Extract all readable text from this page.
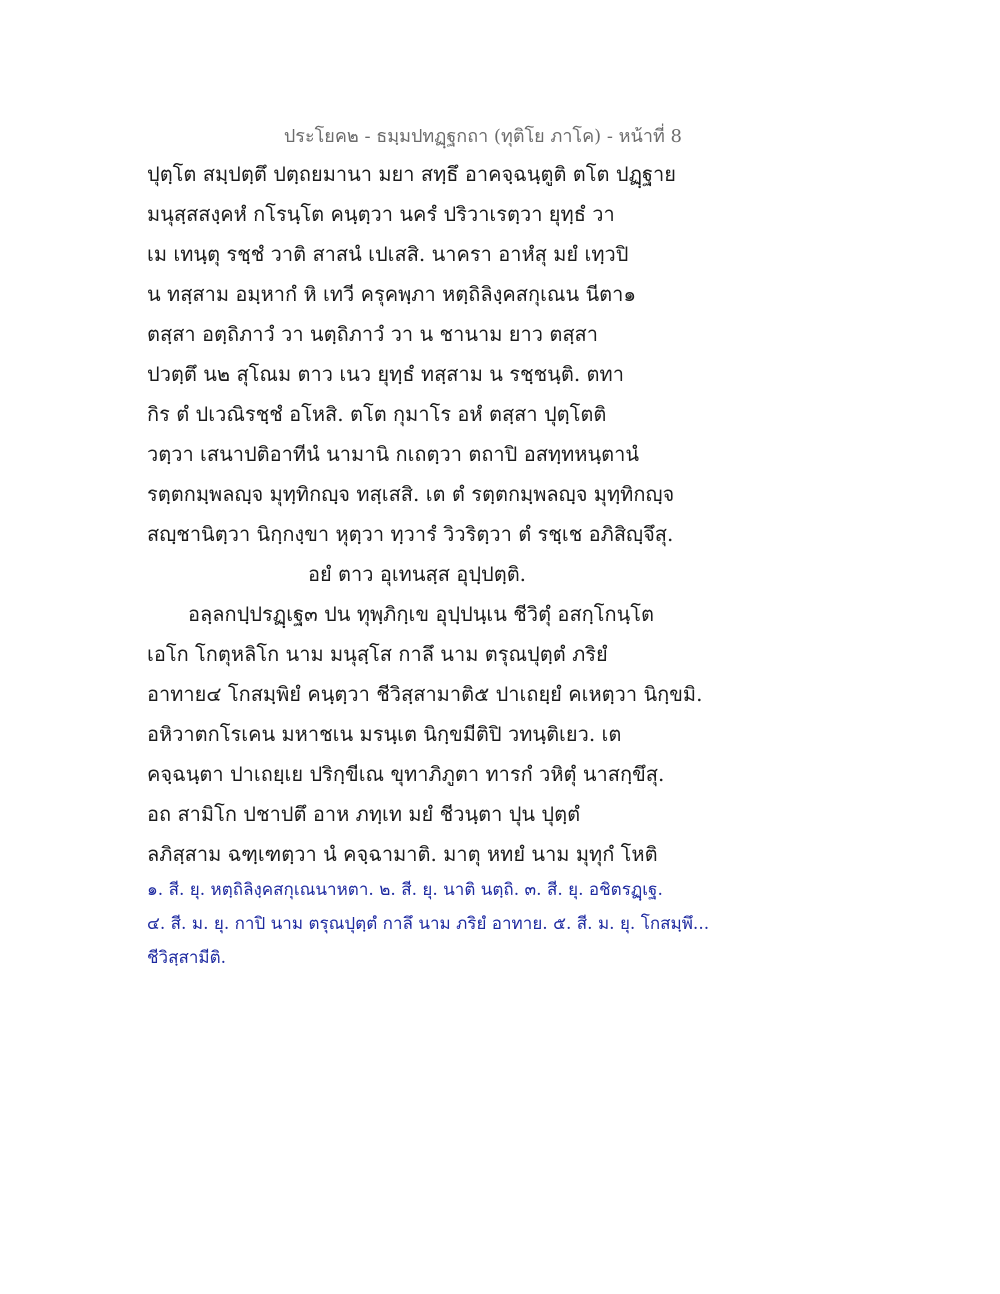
ประโยค๒ - ธมฺมปทฏฺฐกถา (ทุติโย ภาโค) - หน้าที่ 8
ปุตฺโต สมฺปตฺตึ ปตฺถยมานา มยา สทฺธึ อาคจฺฉนฺตูติ ตโต ปฏฺฐาย
มนุสฺสสงฺคหํ กโรนฺโต คนฺตฺวา นครํ ปริวาเรตฺวา ยุทฺธํ วา
เม เทนฺตุ รชฺชํ วาติ สาสนํ เปเสสิ. นาครา อาหํสุ มยํ เทฺวปิ
น ทสฺสาม อมฺหากํ หิ เทวี ครุคพฺภา หตฺถิลิงฺคสกุเณน นีตา๑
ตสฺสา อตฺถิภาวํ วา นตฺถิภาวํ วา น ชานาม ยาว ตสฺสา
ปวตฺตึ น๒ สุโณม ตาว เนว ยุทฺธํ ทสฺสาม น รชฺชนฺติ. ตทา
กิร ตํ ปเวณิรชฺชํ อโหสิ. ตโต กุมาโร อหํ ตสฺสา ปุตฺโตติ
วตฺวา เสนาปติอาทีนํ นามานิ กเถตฺวา ตถาปิ อสทฺทหนฺตานํ
รตฺตกมฺพลญฺจ มุทฺทิกญฺจ ทสฺเสสิ. เต ตํ รตฺตกมฺพลญฺจ มุทฺทิกญฺจ
สญฺชานิตฺวา นิกฺกงฺขา หุตฺวา ทฺวารํ วิวริตฺวา ตํ รชฺเช อภิสิญฺจึสุ.
อยํ ตาว อุเทนสฺส อุปฺปตฺติ.
อลฺลกปฺปรฏฺเฐ๓ ปน ทุพฺภิกฺเข อุปฺปนฺเน ชีวิตุํ อสกฺโกนฺโต
เอโก โกตุหลิโก นาม มนุสฺโส กาลึ นาม ตรุณปุตฺตํ ภริยํ
อาทาย๔ โกสมฺพิยํ คนฺตฺวา ชีวิสฺสามาติ๕ ปาเถยฺยํ คเหตฺวา นิกฺขมิ.
อหิวาตกโรเคน มหาชเน มรนฺเต นิกฺขมีติปิ วทนฺติเยว. เต
คจฺฉนฺตา ปาเถยฺเย ปริกฺขีเณ ขุทาภิภูตา ทารกํ วหิตุํ นาสกฺขึสุ.
อถ สามิโก ปชาปตึ อาห ภทฺเท มยํ ชีวนฺตา ปุน ปุตฺตํ
ลภิสฺสาม ฉฑฺเฑตฺวา นํ คจฺฉามาติ. มาตุ หทยํ นาม มุทุกํ โหติ
๑. สี. ยุ. หตฺถิลิงฺคสกุเณนาหตา. ๒. สี. ยุ. นาติ นตฺถิ. ๓. สี. ยุ. อชิตรฏฺเฐ.
๔. สี. ม. ยุ. กาปิ นาม ตรุณปุตฺตํ กาลึ นาม ภริยํ อาทาย. ๕. สี. ม. ยุ. โกสมฺพึ...
ชีวิสฺสามีติ.
